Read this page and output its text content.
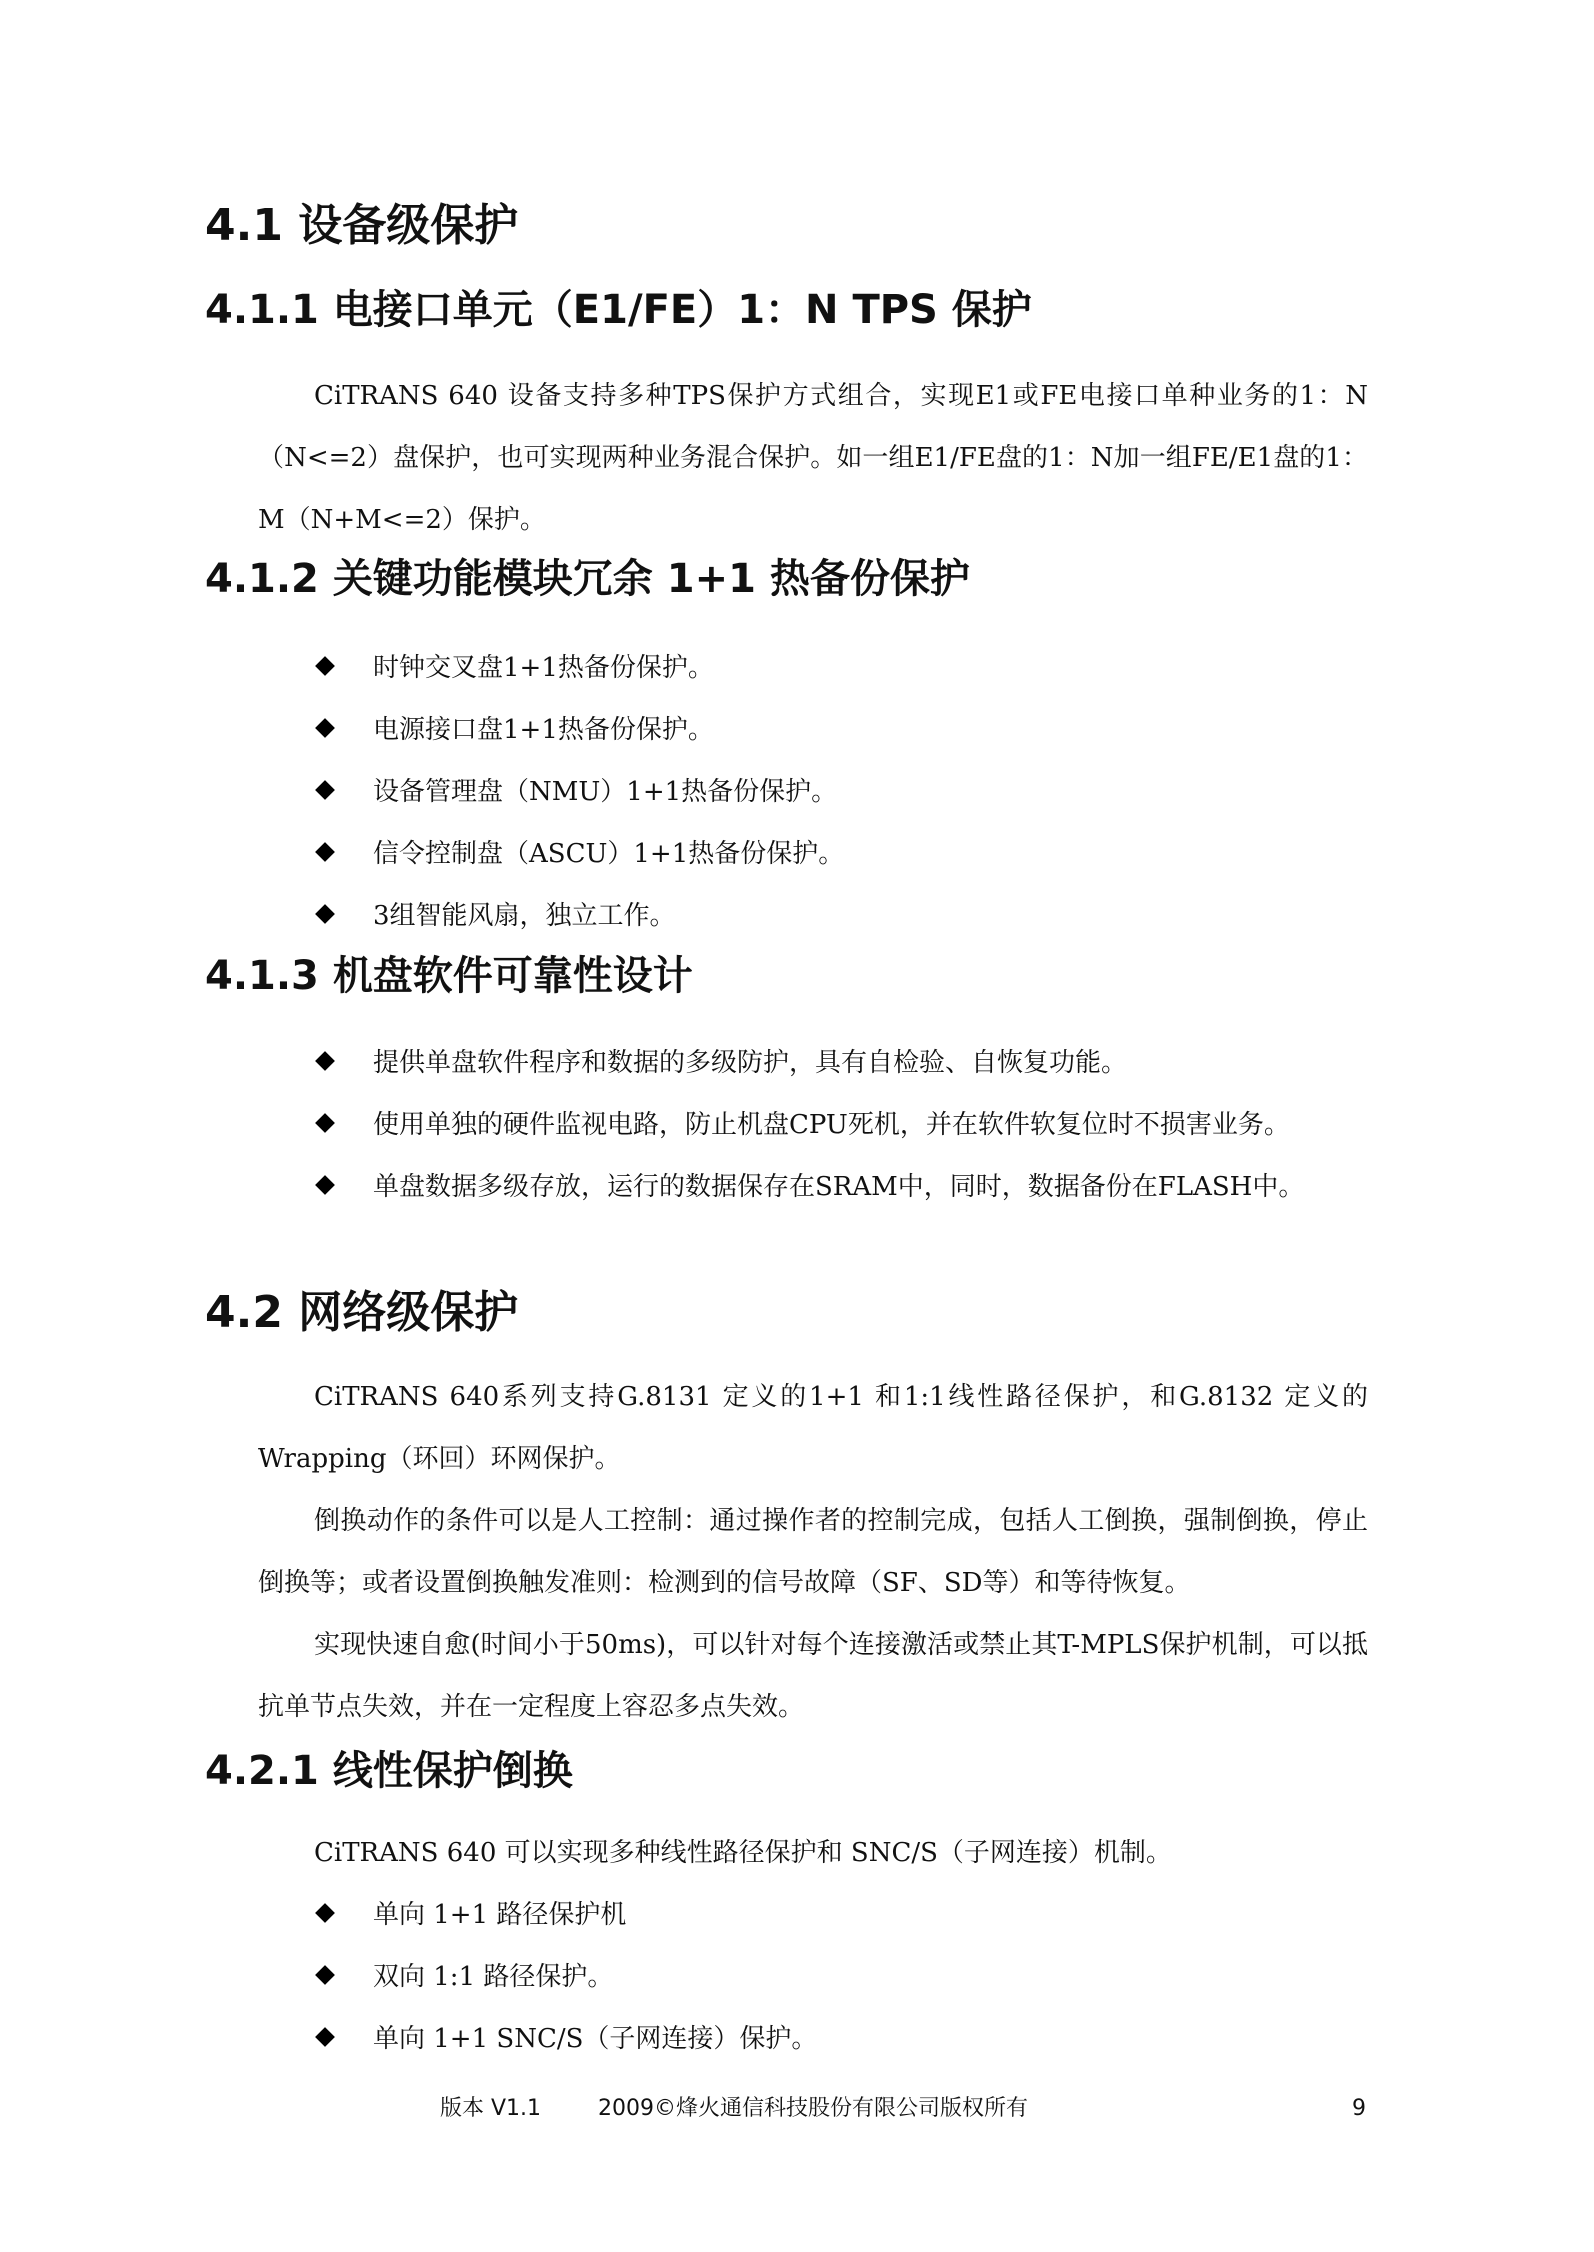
4.1 设备级保护
4.1.1 电接口单元（E1/FE）1：N TPS 保护

CiTRANS 640 设备支持多种TPS保护方式组合，实现E1或FE电接口单种业务的1：N（N<=2）盘保护，也可实现两种业务混合保护。如一组E1/FE盘的1：N加一组FE/E1盘的1：M（N+M<=2）保护。

4.1.2 关键功能模块冗余 1+1 热备份保护
时钟交叉盘1+1热备份保护。
电源接口盘1+1热备份保护。
设备管理盘（NMU）1+1热备份保护。
信令控制盘（ASCU）1+1热备份保护。
3组智能风扇，独立工作。
4.1.3 机盘软件可靠性设计
提供单盘软件程序和数据的多级防护，具有自检验、自恢复功能。
使用单独的硬件监视电路，防止机盘CPU死机，并在软件软复位时不损害业务。
单盘数据多级存放，运行的数据保存在SRAM中，同时，数据备份在FLASH中。
4.2 网络级保护

CiTRANS 640系列支持G.8131 定义的1+1 和1:1线性路径保护，和G.8132 定义的Wrapping（环回）环网保护。

倒换动作的条件可以是人工控制：通过操作者的控制完成，包括人工倒换，强制倒换，停止倒换等；或者设置倒换触发准则：检测到的信号故障（SF、SD等）和等待恢复。

实现快速自愈(时间小于50ms)，可以针对每个连接激活或禁止其T-MPLS保护机制，可以抵抗单节点失效，并在一定程度上容忍多点失效。

4.2.1 线性保护倒换

CiTRANS 640 可以实现多种线性路径保护和 SNC/S（子网连接）机制。

单向 1+1 路径保护机
双向 1:1 路径保护。
单向 1+1 SNC/S（子网连接）保护。
版本 V1.1	2009©烽火通信科技股份有限公司版权所有	9
